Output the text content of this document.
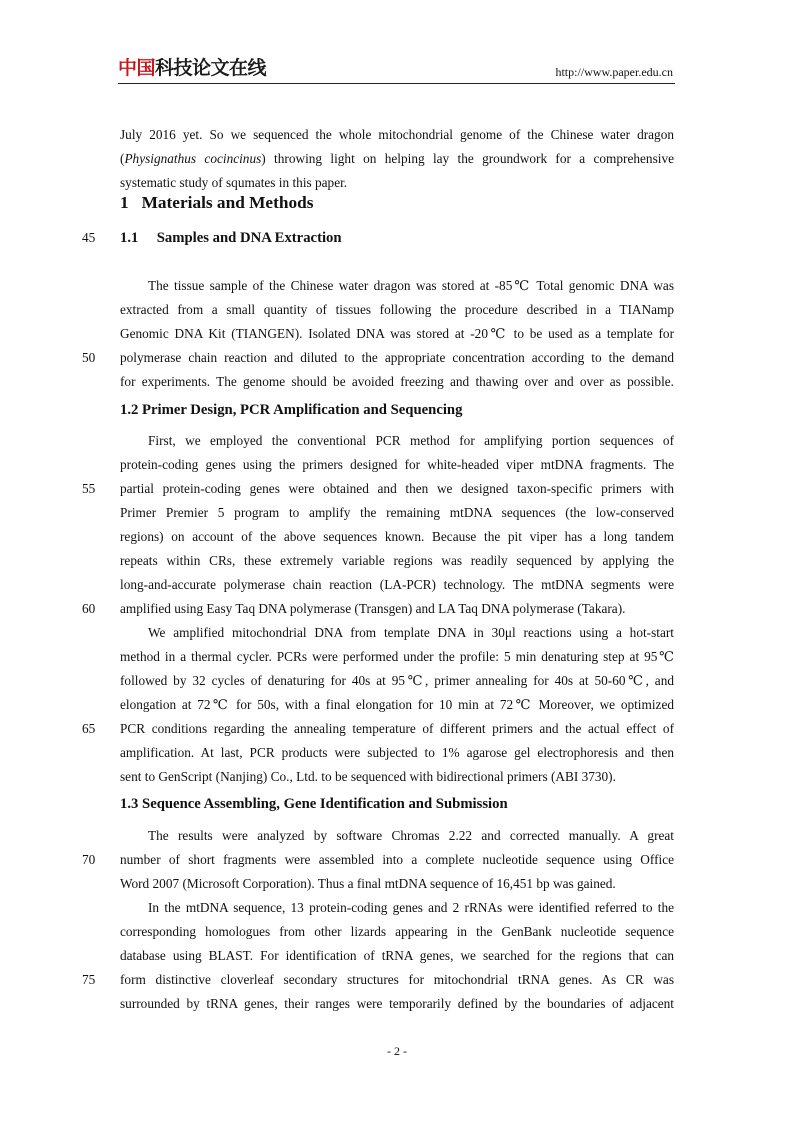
中国科技论文在线	http://www.paper.edu.cn
July 2016 yet. So we sequenced the whole mitochondrial genome of the Chinese water dragon
(Physignathus cocincinus) throwing light on helping lay the groundwork for a comprehensive
systematic study of squmates in this paper.
1   Materials and Methods
45 1.1     Samples and DNA Extraction
The tissue sample of the Chinese water dragon was stored at -85℃ Total genomic DNA was
extracted from a small quantity of tissues following the procedure described in a TIANamp
Genomic DNA Kit (TIANGEN). Isolated DNA was stored at -20℃ to be used as a template for
50 polymerase chain reaction and diluted to the appropriate concentration according to the demand
for experiments. The genome should be avoided freezing and thawing over and over as possible.
1.2 Primer Design, PCR Amplification and Sequencing
First, we employed the conventional PCR method for amplifying portion sequences of
protein-coding genes using the primers designed for white-headed viper mtDNA fragments. The
55 partial protein-coding genes were obtained and then we designed taxon-specific primers with
Primer Premier 5 program to amplify the remaining mtDNA sequences (the low-conserved
regions) on account of the above sequences known. Because the pit viper has a long tandem
repeats within CRs, these extremely variable regions was readily sequenced by applying the
long-and-accurate polymerase chain reaction (LA-PCR) technology. The mtDNA segments were
60 amplified using Easy Taq DNA polymerase (Transgen) and LA Taq DNA polymerase (Takara).
We amplified mitochondrial DNA from template DNA in 30μl reactions using a hot-start
method in a thermal cycler. PCRs were performed under the profile: 5 min denaturing step at 95℃
followed by 32 cycles of denaturing for 40s at 95℃, primer annealing for 40s at 50-60℃, and
elongation at 72℃ for 50s, with a final elongation for 10 min at 72℃ Moreover, we optimized
65 PCR conditions regarding the annealing temperature of different primers and the actual effect of
amplification. At last, PCR products were subjected to 1% agarose gel electrophoresis and then
sent to GenScript (Nanjing) Co., Ltd. to be sequenced with bidirectional primers (ABI 3730).
1.3 Sequence Assembling, Gene Identification and Submission
The results were analyzed by software Chromas 2.22 and corrected manually. A great
70 number of short fragments were assembled into a complete nucleotide sequence using Office
Word 2007 (Microsoft Corporation). Thus a final mtDNA sequence of 16,451 bp was gained.
In the mtDNA sequence, 13 protein-coding genes and 2 rRNAs were identified referred to the
corresponding homologues from other lizards appearing in the GenBank nucleotide sequence
database using BLAST. For identification of tRNA genes, we searched for the regions that can
75 form distinctive cloverleaf secondary structures for mitochondrial tRNA genes. As CR was
surrounded by tRNA genes, their ranges were temporarily defined by the boundaries of adjacent
- 2 -
